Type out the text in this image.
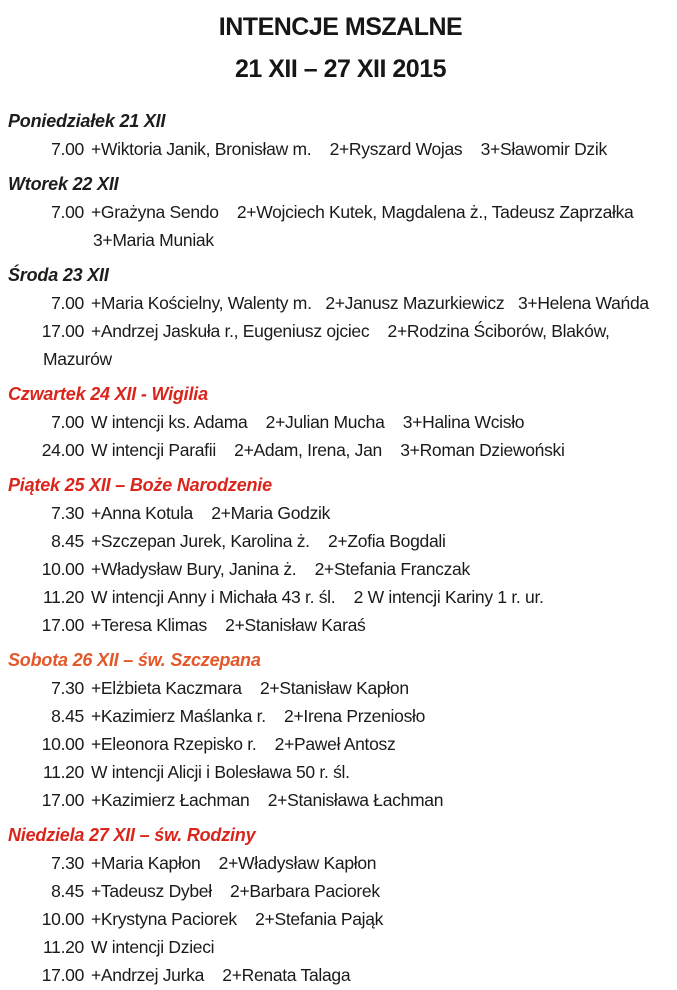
INTENCJE MSZALNE
21 XII – 27 XII 2015
Poniedziałek 21 XII
7.00 +Wiktoria Janik, Bronisław m.    2+Ryszard Wojas    3+Sławomir Dzik
Wtorek 22 XII
7.00 +Grażyna Sendo    2+Wojciech Kutek, Magdalena ż., Tadeusz Zaprzałka
3+Maria Muniak
Środa 23 XII
7.00 +Maria Kościelny, Walenty m.   2+Janusz Mazurkiewicz   3+Helena Wańda
17.00 +Andrzej Jaskuła r., Eugeniusz ojciec    2+Rodzina Ściborów, Blaków,
Mazurów
Czwartek 24 XII - Wigilia
7.00 W intencji ks. Adama    2+Julian Mucha    3+Halina Wcisło
24.00 W intencji Parafii    2+Adam, Irena, Jan    3+Roman Dziewoński
Piątek 25 XII – Boże Narodzenie
7.30 +Anna Kotula    2+Maria Godzik
8.45 +Szczepan Jurek, Karolina ż.    2+Zofia Bogdali
10.00 +Władysław Bury, Janina ż.    2+Stefania Franczak
11.20 W intencji Anny i Michała 43 r. śl.    2 W intencji Kariny 1 r. ur.
17.00 +Teresa Klimas    2+Stanisław Karaś
Sobota 26 XII – św. Szczepana
7.30 +Elżbieta Kaczmara    2+Stanisław Kapłon
8.45 +Kazimierz Maślanka r.    2+Irena Przeniosło
10.00 +Eleonora Rzepisko r.    2+Paweł Antosz
11.20 W intencji Alicji i Bolesława 50 r. śl.
17.00 +Kazimierz Łachman    2+Stanisława Łachman
Niedziela 27 XII – św. Rodziny
7.30 +Maria Kapłon    2+Władysław Kapłon
8.45 +Tadeusz Dybeł    2+Barbara Paciorek
10.00 +Krystyna Paciorek    2+Stefania Pająk
11.20 W intencji Dzieci
17.00 +Andrzej Jurka    2+Renata Talaga
